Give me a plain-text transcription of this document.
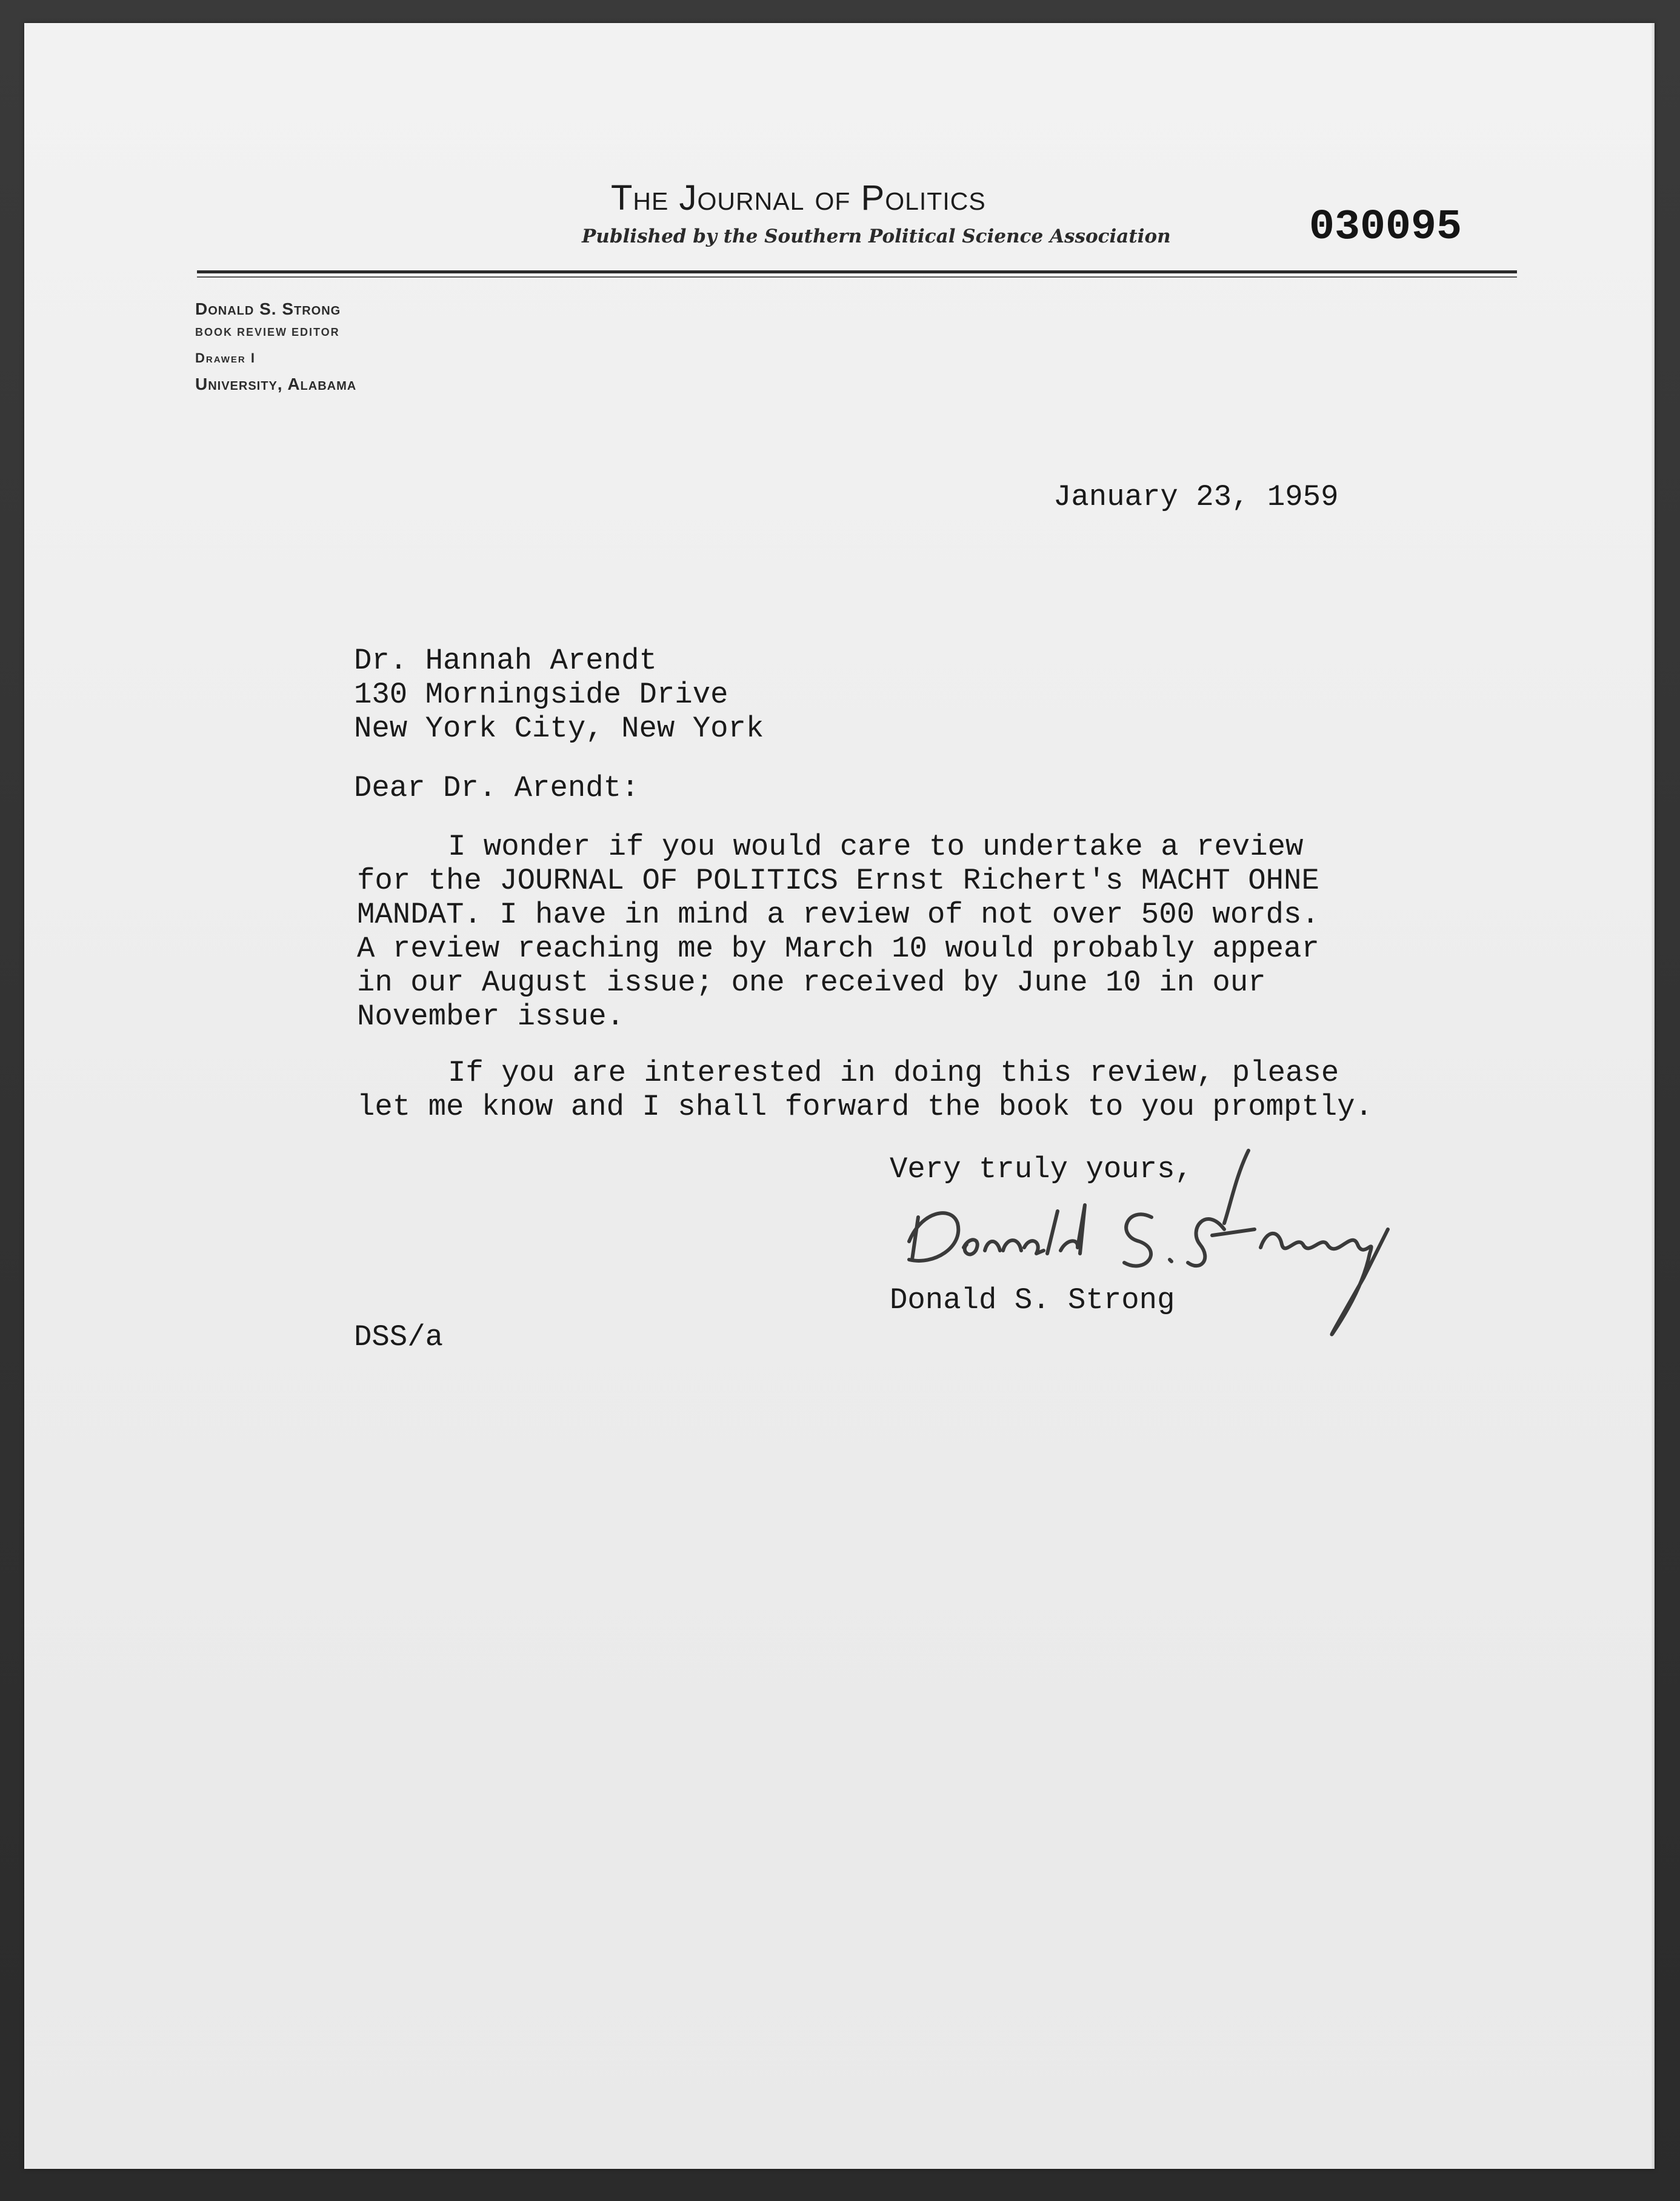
The Journal of Politics
Published by the Southern Political Science Association	030095
Donald S. Strong
BOOK REVIEW EDITOR
Drawer I
University, Alabama
January 23, 1959
Dr. Hannah Arendt
130 Morningside Drive
New York City, New York
Dear Dr. Arendt:
I wonder if you would care to undertake a review
for the JOURNAL OF POLITICS Ernst Richert's MACHT OHNE
MANDAT. I have in mind a review of not over 500 words.
A review reaching me by March 10 would probably appear
in our August issue; one received by June 10 in our
November issue.
If you are interested in doing this review, please
let me know and I shall forward the book to you promptly.
Very truly yours,
Donald S. Strong
DSS/a
